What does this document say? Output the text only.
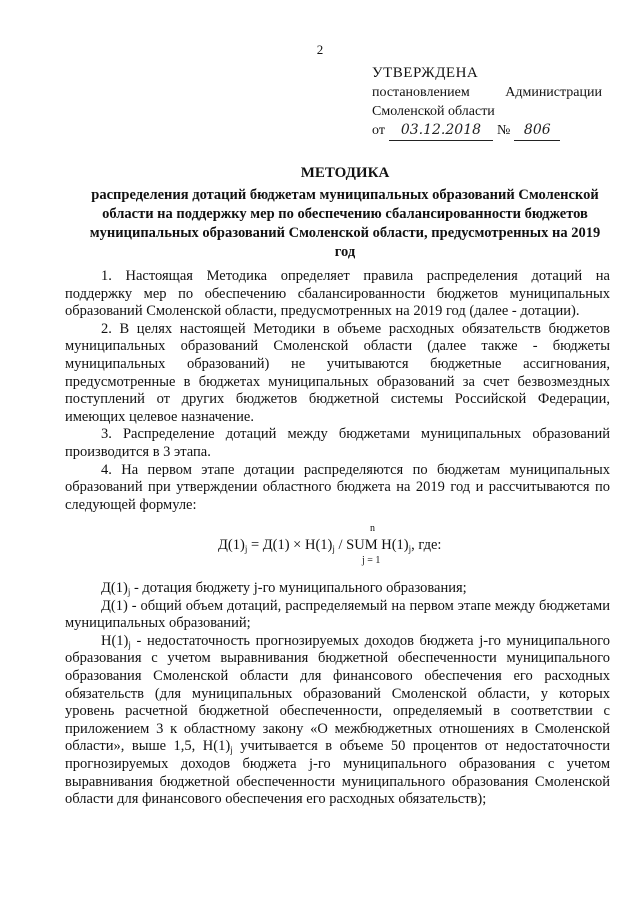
2
УТВЕРЖДЕНА
постановлением	Администрации
Смоленской области
от	03.12.2018	№ 806
МЕТОДИКА
распределения дотаций бюджетам муниципальных образований Смоленской области на поддержку мер по обеспечению сбалансированности бюджетов муниципальных образований Смоленской области, предусмотренных на 2019 год

1. Настоящая Методика определяет правила распределения дотаций на поддержку мер по обеспечению сбалансированности бюджетов муниципальных образований Смоленской области, предусмотренных на 2019 год (далее - дотации).

2. В целях настоящей Методики в объеме расходных обязательств бюджетов муниципальных образований Смоленской области (далее также - бюджеты муниципальных образований) не учитываются бюджетные ассигнования, предусмотренные в бюджетах муниципальных образований за счет безвозмездных поступлений от других бюджетов бюджетной системы Российской Федерации, имеющих целевое назначение.

3. Распределение дотаций между бюджетами муниципальных образований производится в 3 этапа.

4. На первом этапе дотации распределяются по бюджетам муниципальных образований при утверждении областного бюджета на 2019 год и рассчитываются по следующей формуле:

n
$Д(1)_j = Д(1) \times Н(1)_j$ / SUM $Н(1)_j$, где:
j = 1

$Д(1)_j$ - дотация бюджету j-го муниципального образования;

Д(1) - общий объем дотаций, распределяемый на первом этапе между бюджетами муниципальных образований;

$Н(1)_j$ - недостаточность прогнозируемых доходов бюджета j-го муниципального образования с учетом выравнивания бюджетной обеспеченности муниципального образования Смоленской области для финансового обеспечения его расходных обязательств (для муниципальных образований Смоленской области, у которых уровень расчетной бюджетной обеспеченности, определяемый в соответствии с приложением 3 к областному закону «О межбюджетных отношениях в Смоленской области», выше 1,5, $Н(1)_j$ учитывается в объеме 50 процентов от недостаточности прогнозируемых доходов бюджета j-го муниципального образования с учетом выравнивания бюджетной обеспеченности муниципального образования Смоленской области для финансового обеспечения его расходных обязательств);
